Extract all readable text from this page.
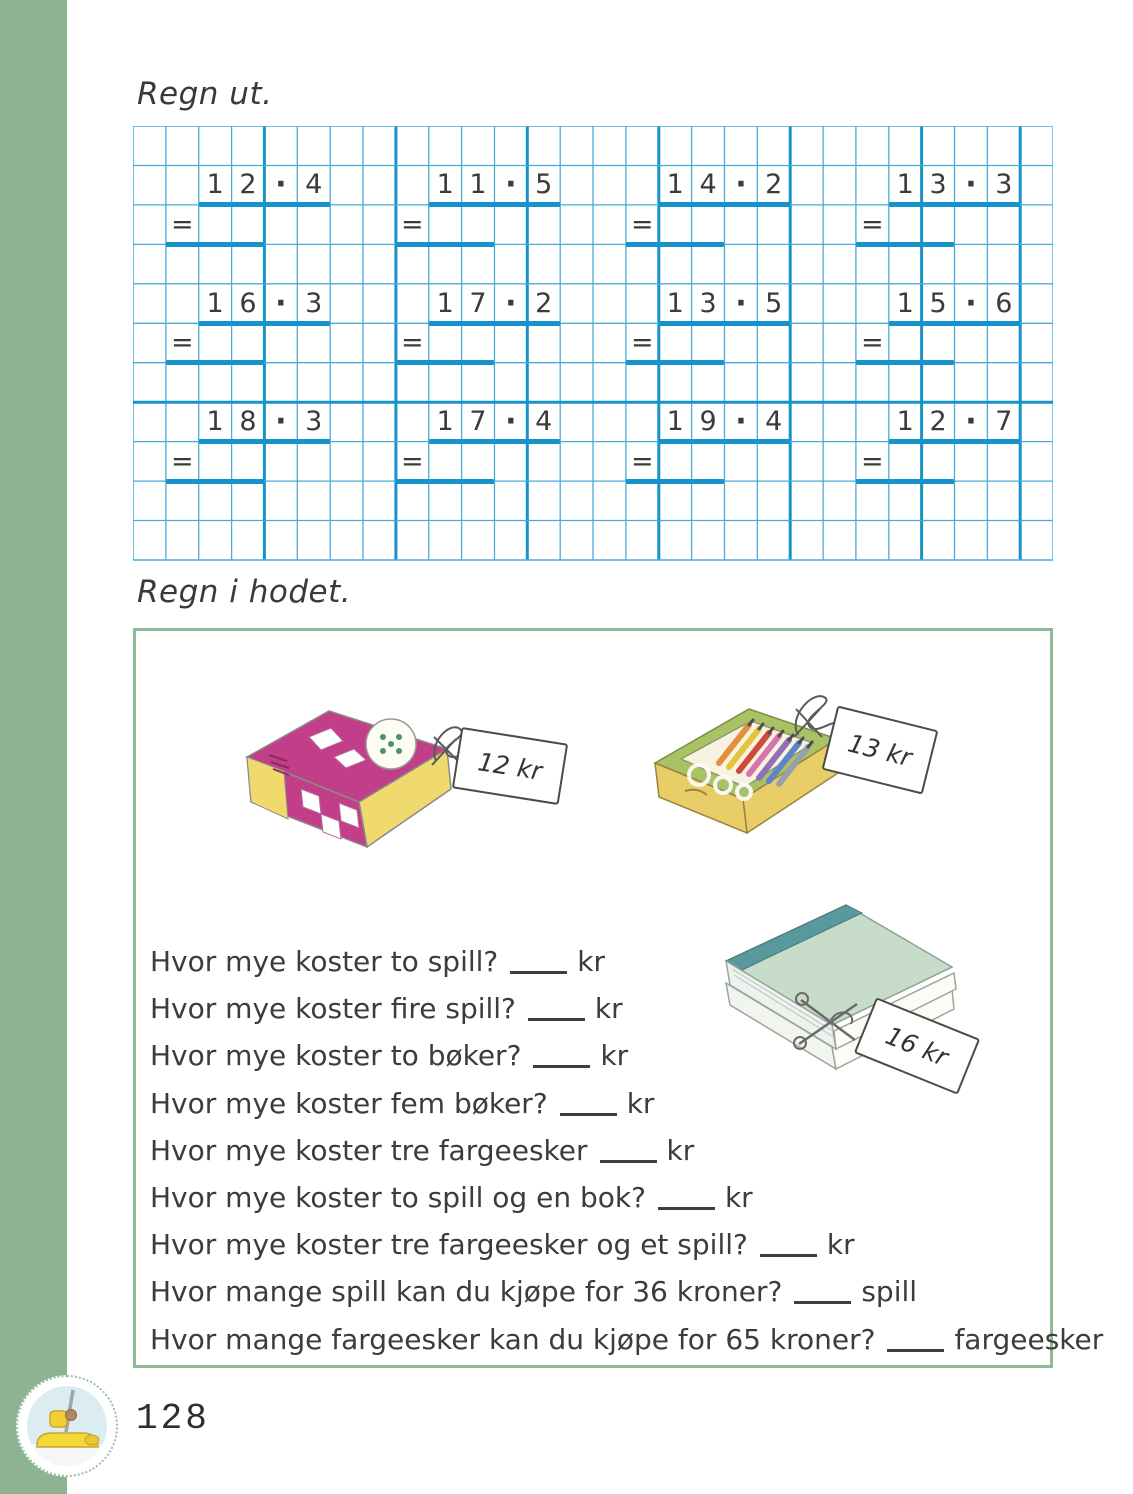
Regn ut.
1 2 · 4
=
1 1 · 5
=
1 4 · 2
=
1 3 · 3
=
1 6 · 3
=
1 7 · 2
=
1 3 · 5
=
1 5 · 6
=
1 8 · 3
=
1 7 · 4
=
1 9 · 4
=
1 2 · 7
=
Regn i hodet.
12 kr	13 kr
16 kr
Hvor mye koster to spill?	kr
Hvor mye koster fire spill?	kr
Hvor mye koster to bøker?	kr
Hvor mye koster fem bøker?	kr
Hvor mye koster tre fargeesker	kr
Hvor mye koster to spill og en bok?	kr
Hvor mye koster tre fargeesker og et spill?	kr
Hvor mange spill kan du kjøpe for 36 kroner?	spill
Hvor mange fargeesker kan du kjøpe for 65 kroner?	fargeesker
128
